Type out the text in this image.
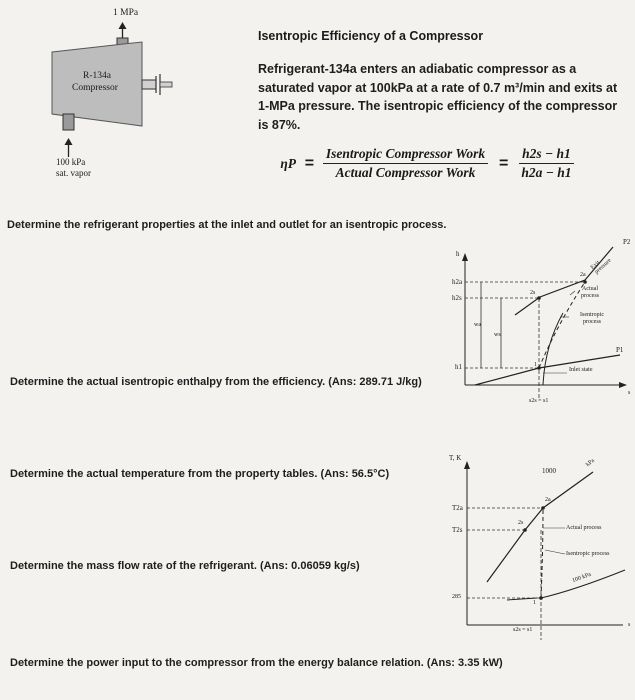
1 MPa
R-134a
Compressor
100 kPa
sat. vapor
Isentropic Efficiency of a Compressor
Refrigerant-134a enters an adiabatic compressor as a saturated vapor at 100kPa at a rate of 0.7 m³/min and exits at 1-MPa pressure. The isentropic efficiency of the compressor is 87%.
$\eta P = \frac{\text{Isentropic Compressor Work}}{\text{Actual Compressor Work}} = \frac{h2s - h1}{h2a - h1}$
Determine the refrigerant properties at the inlet and outlet for an isentropic process.
Determine the actual isentropic enthalpy from the efficiency. (Ans: 289.71 J/kg)
Determine the actual temperature from the property tables. (Ans: 56.5°C)
Determine the mass flow rate of the refrigerant. (Ans: 0.06059 kg/s)
Determine the power input to the compressor from the energy balance relation. (Ans: 3.35 kW)
h
h2a
h2s
h1
wa
ws
P2
Exit pressure
P1
2a
2s
1
Actual process
Isentropic process
Inlet state
s
s2s = s1
T, K
1000
kPa
T2a
T2s
285
2a
2s
1
Actual process
Isentropic process
100 kPa
s
s2s = s1
